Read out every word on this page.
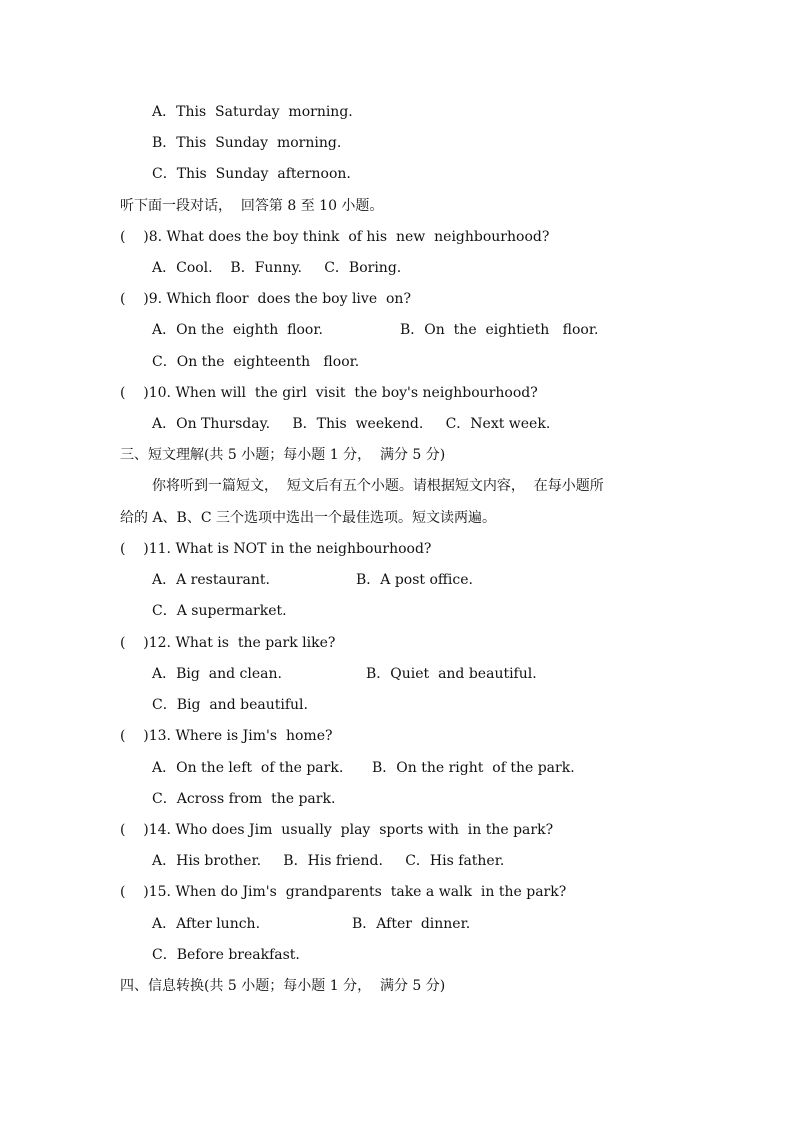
A．This  Saturday  morning.
B．This  Sunday  morning.
C．This  Sunday  afternoon.
听下面一段对话，  回答第 8 至 10 小题。
(    )8. What does the boy think  of his  new  neighbourhood?
A．Cool.    B．Funny.     C．Boring.
(    )9. Which floor  does the boy live  on?
A．On the  eighth  floor.	B．On  the  eightieth   floor.
C．On the  eighteenth   floor.
(    )10. When will  the girl  visit  the boy's neighbourhood?
A．On Thursday.     B．This  weekend.     C．Next week.
三、短文理解(共 5 小题；每小题 1 分，  满分 5 分)
你将听到一篇短文，  短文后有五个小题。请根据短文内容，  在每小题所
给的 A、B、C 三个选项中选出一个最佳选项。短文读两遍。
(    )11. What is NOT in the neighbourhood?
A．A restaurant.	B．A post office.
C．A supermarket.
(    )12. What is  the park like?
A．Big  and clean.	B．Quiet  and beautiful.
C．Big  and beautiful.
(    )13. Where is Jim's  home?
A．On the left  of the park. B．On the right  of the park.
C．Across from  the park.
(    )14. Who does Jim  usually  play  sports with  in the park?
A．His brother.     B．His friend.     C．His father.
(    )15. When do Jim's  grandparents  take a walk  in the park?
A．After lunch.	B．After  dinner.
C．Before breakfast.
四、信息转换(共 5 小题；每小题 1 分，  满分 5 分)
